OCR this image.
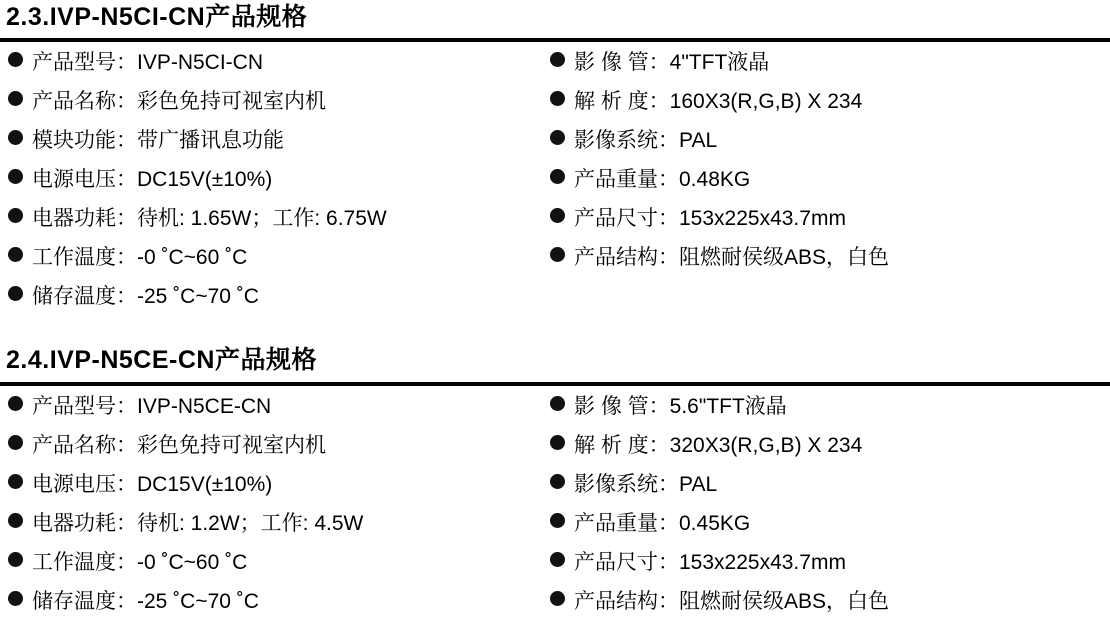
2.3.IVP-N5CI-CN产品规格
产品型号： IVP-N5CI-CN
产品名称： 彩色免持可视室内机
模块功能： 带广播讯息功能
电源电压： DC15V(±10%)
电器功耗： 待机: 1.65W；工作: 6.75W
工作温度： -0 ˚C~60 ˚C
储存温度： -25 ˚C~70 ˚C
影 像 管： 4"TFT液晶
解 析 度： 160X3(R,G,B) X 234
影像系统： PAL
产品重量： 0.48KG
产品尺寸： 153x225x43.7mm
产品结构： 阻燃耐侯级ABS，白色
2.4.IVP-N5CE-CN产品规格
产品型号： IVP-N5CE-CN
产品名称： 彩色免持可视室内机
电源电压： DC15V(±10%)
电器功耗： 待机: 1.2W；工作: 4.5W
工作温度： -0 ˚C~60 ˚C
储存温度： -25 ˚C~70 ˚C
影 像 管： 5.6"TFT液晶
解 析 度： 320X3(R,G,B) X 234
影像系统： PAL
产品重量： 0.45KG
产品尺寸： 153x225x43.7mm
产品结构： 阻燃耐侯级ABS，白色
